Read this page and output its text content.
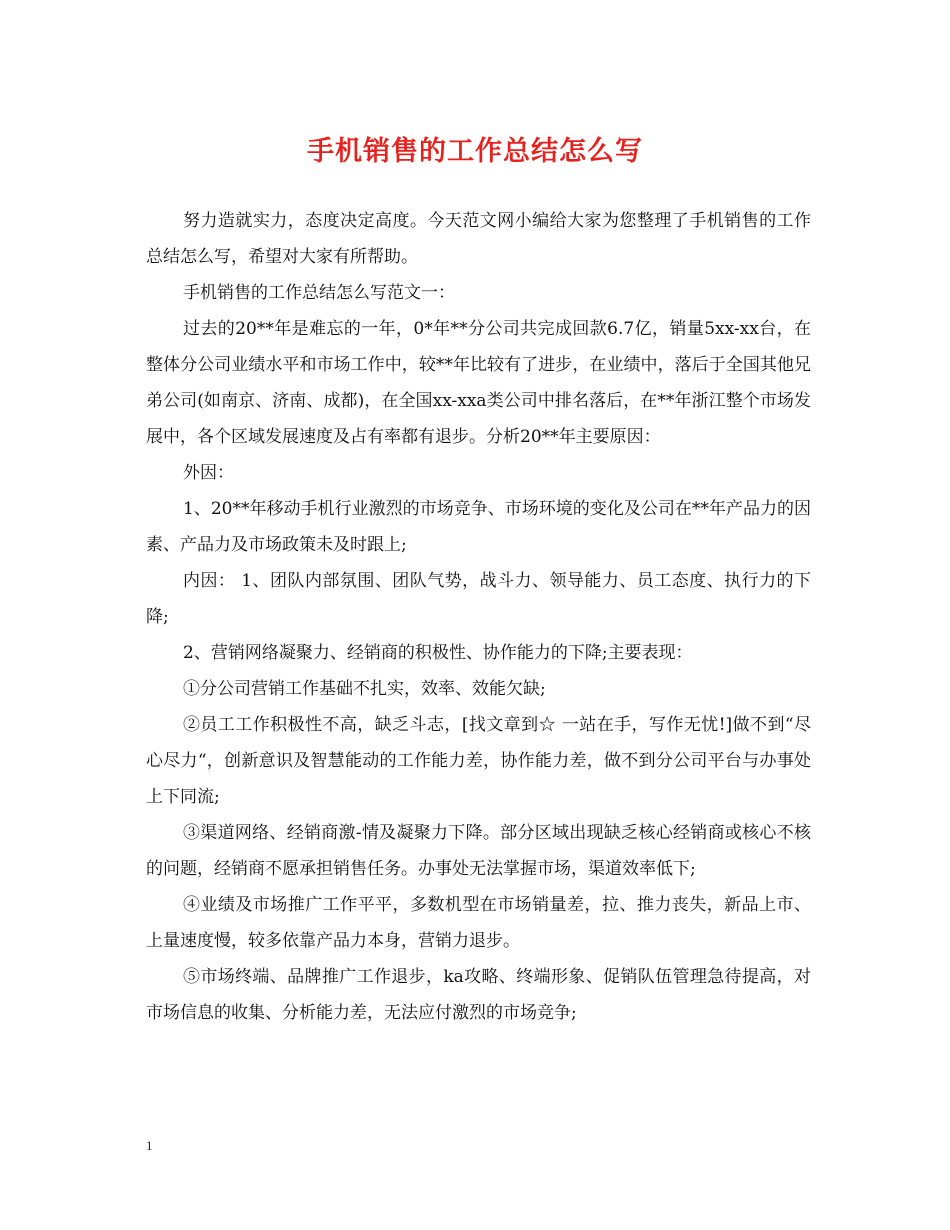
手机销售的工作总结怎么写

努力造就实力，态度决定高度。今天范文网小编给大家为您整理了手机销售的工作总结怎么写，希望对大家有所帮助。

手机销售的工作总结怎么写范文一：

过去的20**年是难忘的一年，0*年**分公司共完成回款6.7亿，销量5xx-xx台，在整体分公司业绩水平和市场工作中，较**年比较有了进步，在业绩中，落后于全国其他兄弟公司(如南京、济南、成都)，在全国xx-xxa类公司中排名落后，在**年浙江整个市场发展中，各个区域发展速度及占有率都有退步。分析20**年主要原因：

外因：

1、20**年移动手机行业激烈的市场竞争、市场环境的变化及公司在**年产品力的因素、产品力及市场政策未及时跟上;

内因： 1、团队内部氛围、团队气势，战斗力、领导能力、员工态度、执行力的下降;

2、营销网络凝聚力、经销商的积极性、协作能力的下降;主要表现：

①分公司营销工作基础不扎实，效率、效能欠缺;

②员工工作积极性不高，缺乏斗志，[找文章到☆ 一站在手，写作无忧!]做不到“尽心尽力“，创新意识及智慧能动的工作能力差，协作能力差，做不到分公司平台与办事处上下同流;

③渠道网络、经销商激-情及凝聚力下降。部分区域出现缺乏核心经销商或核心不核的问题，经销商不愿承担销售任务。办事处无法掌握市场，渠道效率低下;

④业绩及市场推广工作平平，多数机型在市场销量差，拉、推力丧失，新品上市、上量速度慢，较多依靠产品力本身，营销力退步。

⑤市场终端、品牌推广工作退步，ka攻略、终端形象、促销队伍管理急待提高，对市场信息的收集、分析能力差，无法应付激烈的市场竞争;

1
